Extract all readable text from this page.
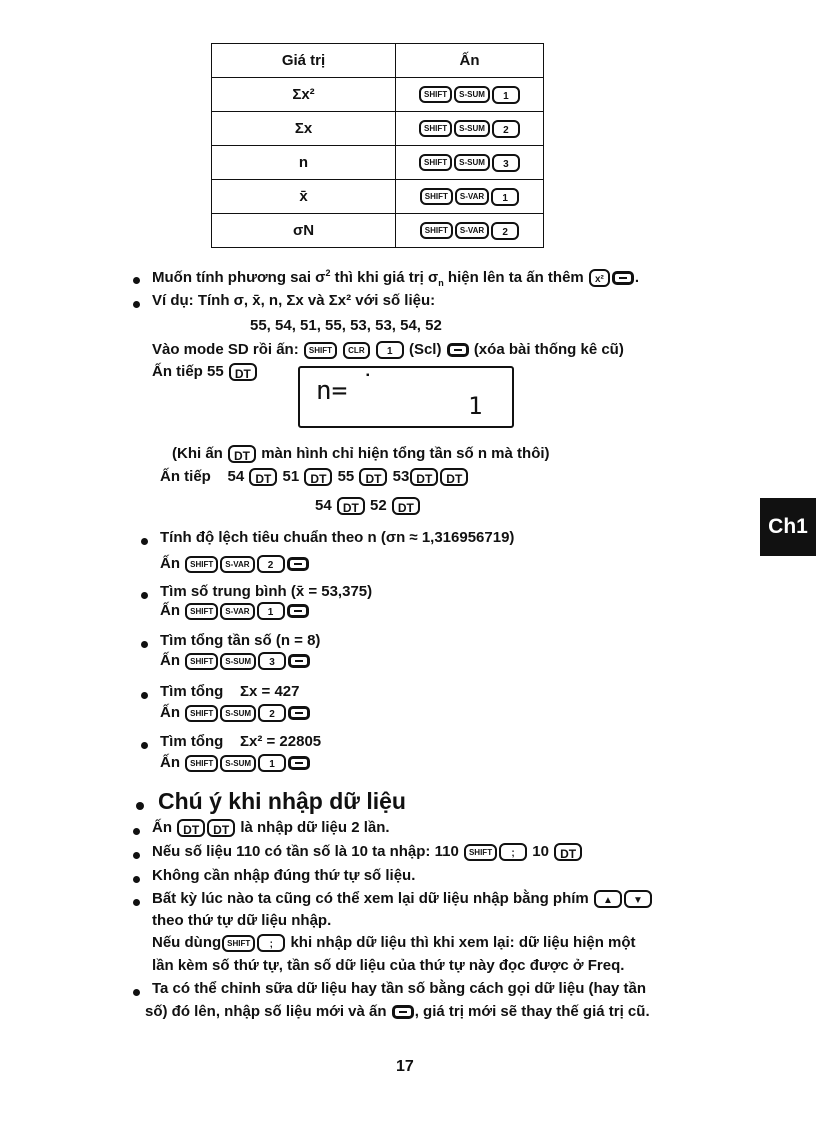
Giá trị	Ấn
Σx²	SHIFT S-SUM 1
Σx	SHIFT S-SUM 2
n	SHIFT S-SUM 3
x̄	SHIFT S-VAR 1
σN	SHIFT S-VAR 2
Muốn tính phương sai $\sigma^2$ thì khi giá trị $\sigma_n$ hiện lên ta ấn thêm x² .
Ví dụ: Tính σ, x̄, n, Σx và Σx² với số liệu:
55, 54, 51, 55, 53, 53, 54, 52
Vào mode SD rồi ấn: SHIFT CLR 1 (Scl) (xóa bài thống kê cũ)
Ấn tiếp 55 DT
n=
▪
1
(Khi ấn DT màn hình chỉ hiện tổng tần số n mà thôi)
Ấn tiếp 54 DT 51 DT 55 DT 53 DT DT
54 DT 52 DT
Tính độ lệch tiêu chuẩn theo n (σn ≈ 1,316956719)
Ấn SHIFT S-VAR 2
Tìm số trung bình (x̄ = 53,375)
Ấn SHIFT S-VAR 1
Tìm tổng tần số (n = 8)
Ấn SHIFT S-SUM 3
Tìm tổng Σx = 427
Ấn SHIFT S-SUM 2
Tìm tổng Σx² = 22805
Ấn SHIFT S-SUM 1
Chú ý khi nhập dữ liệu
Ấn DT DT là nhập dữ liệu 2 lần.
Nếu số liệu 110 có tần số là 10 ta nhập: 110 SHIFT ; 10 DT
Không cần nhập đúng thứ tự số liệu.
Bất kỳ lúc nào ta cũng có thể xem lại dữ liệu nhập bằng phím ▲ ▼
theo thứ tự dữ liệu nhập.
Nếu dùng SHIFT ; khi nhập dữ liệu thì khi xem lại: dữ liệu hiện một
lần kèm số thứ tự, tần số dữ liệu của thứ tự này đọc được ở Freq.
Ta có thể chỉnh sữa dữ liệu hay tần số bằng cách gọi dữ liệu (hay tần
số) đó lên, nhập số liệu mới và ấn , giá trị mới sẽ thay thế giá trị cũ.
Ch1
17
